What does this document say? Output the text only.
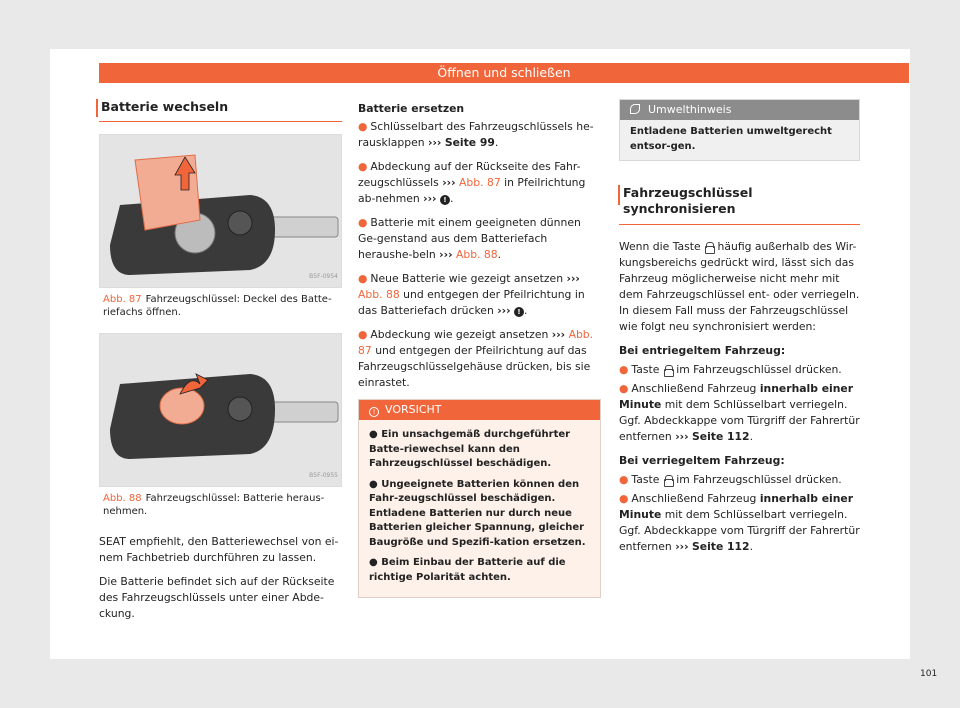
Öffnen und schließen
Batterie wechseln
B5F-0954
Abb. 87 Fahrzeugschlüssel: Deckel des Batte-riefachs öffnen.
B5F-0955
Abb. 88 Fahrzeugschlüssel: Batterie heraus-nehmen.

SEAT empfiehlt, den Batteriewechsel von ei-nem Fachbetrieb durchführen zu lassen.

Die Batterie befindet sich auf der Rückseite des Fahrzeugschlüssels unter einer Abde-ckung.

Batterie ersetzen

● Schlüsselbart des Fahrzeugschlüssels he-rausklappen ››› Seite 99.

● Abdeckung auf der Rückseite des Fahr-zeugschlüssels ››› Abb. 87 in Pfeilrichtung ab-nehmen ››› ! .

● Batterie mit einem geeigneten dünnen Ge-genstand aus dem Batteriefach heraushe-beln ››› Abb. 88.

● Neue Batterie wie gezeigt ansetzen ››› Abb. 88 und entgegen der Pfeilrichtung in das Batteriefach drücken ››› ! .

● Abdeckung wie gezeigt ansetzen ››› Abb. 87 und entgegen der Pfeilrichtung auf das Fahrzeugschlüsselgehäuse drücken, bis sie einrastet.

! VORSICHT

● Ein unsachgemäß durchgeführter Batte-riewechsel kann den Fahrzeugschlüssel beschädigen.

● Ungeeignete Batterien können den Fahr-zeugschlüssel beschädigen. Entladene Batterien nur durch neue Batterien gleicher Spannung, gleicher Baugröße und Spezifi-kation ersetzen.

● Beim Einbau der Batterie auf die richtige Polarität achten.

Umwelthinweis
Entladene Batterien umweltgerecht entsor-gen.
Fahrzeugschlüssel synchronisieren

Wenn die Taste häufig außerhalb des Wir-kungsbereichs gedrückt wird, lässt sich das Fahrzeug möglicherweise nicht mehr mit dem Fahrzeugschlüssel ent- oder verriegeln. In diesem Fall muss der Fahrzeugschlüssel wie folgt neu synchronisiert werden:

Bei entriegeltem Fahrzeug:

● Taste im Fahrzeugschlüssel drücken.

● Anschließend Fahrzeug innerhalb einer Minute mit dem Schlüsselbart verriegeln. Ggf. Abdeckkappe vom Türgriff der Fahrertür entfernen ››› Seite 112.

Bei verriegeltem Fahrzeug:

● Taste im Fahrzeugschlüssel drücken.

● Anschließend Fahrzeug innerhalb einer Minute mit dem Schlüsselbart verriegeln. Ggf. Abdeckkappe vom Türgriff der Fahrertür entfernen ››› Seite 112.

101
